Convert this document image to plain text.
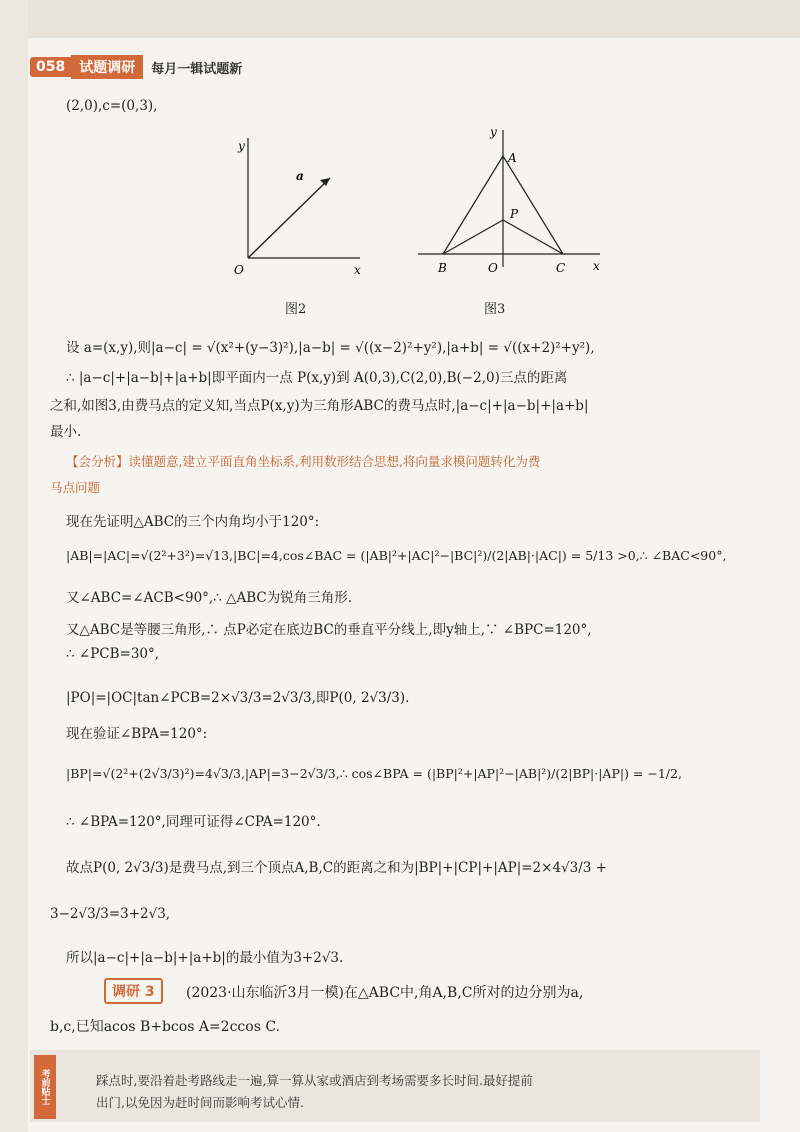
058	试题调研	每月一辑试题新
(2,0),c=(0,3),
y
x
O
a
图2
y
x
A
P
B	O	C
图3
设 a=(x,y),则|a−c| = √(x²+(y−3)²),|a−b| = √((x−2)²+y²),|a+b| = √((x+2)²+y²),
∴ |a−c|+|a−b|+|a+b|即平面内一点 P(x,y)到 A(0,3),C(2,0),B(−2,0)三点的距离
之和,如图3,由费马点的定义知,当点P(x,y)为三角形ABC的费马点时,|a−c|+|a−b|+|a+b|
最小.
【会分析】读懂题意,建立平面直角坐标系,利用数形结合思想,将向量求模问题转化为费
马点问题
现在先证明△ABC的三个内角均小于120°:
|AB|=|AC|=√(2²+3²)=√13,|BC|=4,cos∠BAC = (|AB|²+|AC|²−|BC|²)/(2|AB|·|AC|) = 5/13 >0,∴ ∠BAC<90°,
又∠ABC=∠ACB<90°,∴ △ABC为锐角三角形.
又△ABC是等腰三角形,∴ 点P必定在底边BC的垂直平分线上,即y轴上,∵ ∠BPC=120°,
∴ ∠PCB=30°,
|PO|=|OC|tan∠PCB=2×√3/3=2√3/3,即P(0, 2√3/3).
现在验证∠BPA=120°:
|BP|=√(2²+(2√3/3)²)=4√3/3,|AP|=3−2√3/3,∴ cos∠BPA = (|BP|²+|AP|²−|AB|²)/(2|BP|·|AP|) = −1/2,
∴ ∠BPA=120°,同理可证得∠CPA=120°.
故点P(0, 2√3/3)是费马点,到三个顶点A,B,C的距离之和为|BP|+|CP|+|AP|=2×4√3/3 +
3−2√3/3=3+2√3,
所以|a−c|+|a−b|+|a+b|的最小值为3+2√3.
调研 3	(2023·山东临沂3月一模)在△ABC中,角A,B,C所对的边分别为a,
b,c,已知acos B+bcos A=2ccos C.
考前贴士	踩点时,要沿着赴考路线走一遍,算一算从家或酒店到考场需要多长时间.最好提前
出门,以免因为赶时间而影响考试心情.
